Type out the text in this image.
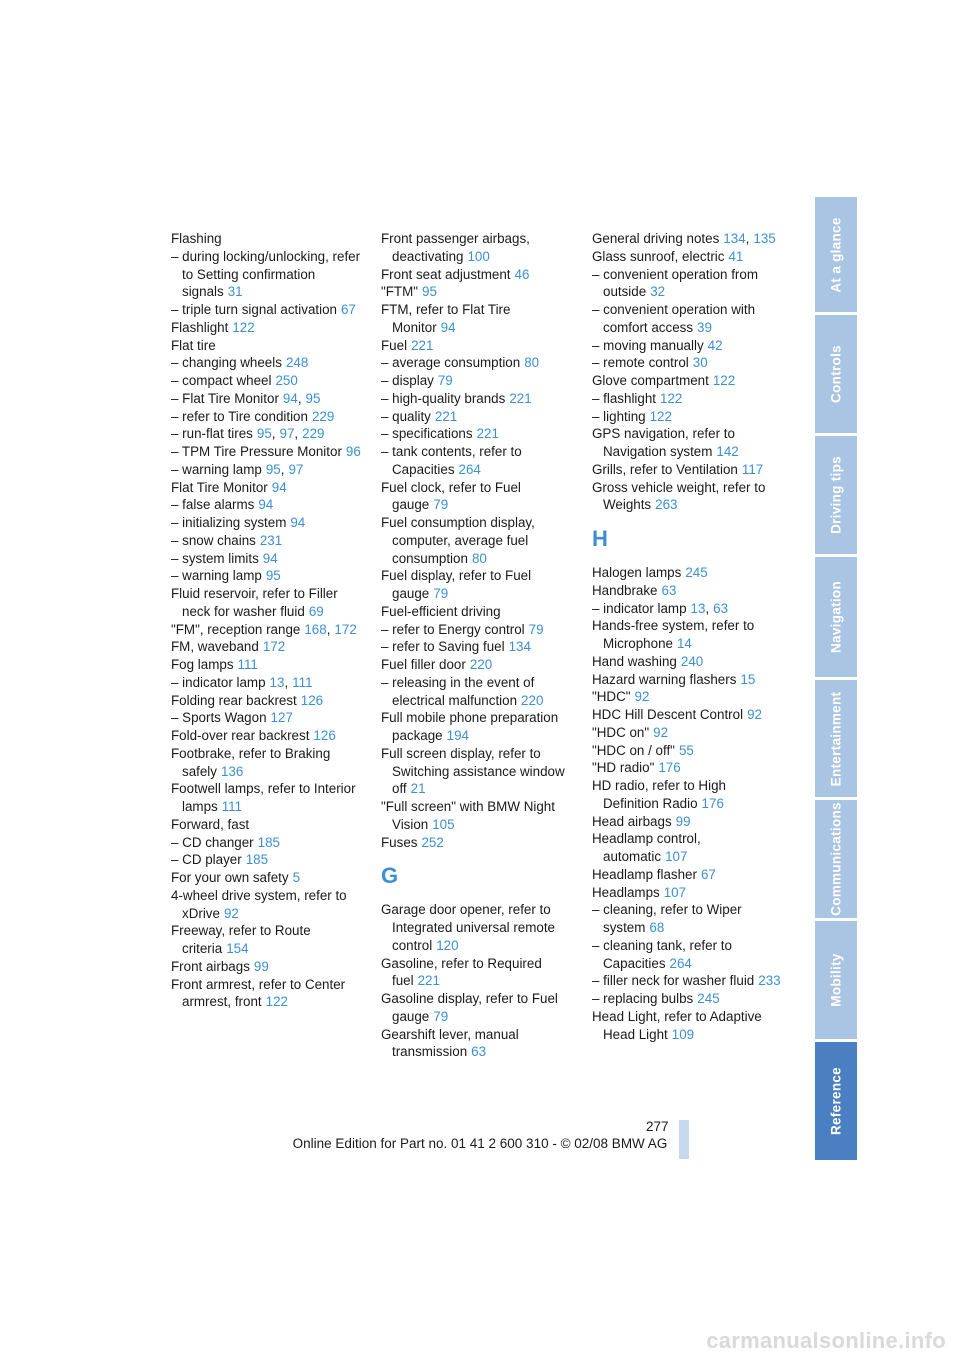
Flashing
– during locking/unlocking, refer to Setting confirmation signals 31
– triple turn signal activation 67
Flashlight 122
Flat tire
– changing wheels 248
– compact wheel 250
– Flat Tire Monitor 94, 95
– refer to Tire condition 229
– run-flat tires 95, 97, 229
– TPM Tire Pressure Monitor 96
– warning lamp 95, 97
Flat Tire Monitor 94
– false alarms 94
– initializing system 94
– snow chains 231
– system limits 94
– warning lamp 95
Fluid reservoir, refer to Filler neck for washer fluid 69
"FM", reception range 168, 172
FM, waveband 172
Fog lamps 111
– indicator lamp 13, 111
Folding rear backrest 126
– Sports Wagon 127
Fold-over rear backrest 126
Footbrake, refer to Braking safely 136
Footwell lamps, refer to Interior lamps 111
Forward, fast
– CD changer 185
– CD player 185
For your own safety 5
4-wheel drive system, refer to xDrive 92
Freeway, refer to Route criteria 154
Front airbags 99
Front armrest, refer to Center armrest, front 122
Front passenger airbags, deactivating 100
Front seat adjustment 46
"FTM" 95
FTM, refer to Flat Tire Monitor 94
Fuel 221
– average consumption 80
– display 79
– high-quality brands 221
– quality 221
– specifications 221
– tank contents, refer to Capacities 264
Fuel clock, refer to Fuel gauge 79
Fuel consumption display, computer, average fuel consumption 80
Fuel display, refer to Fuel gauge 79
Fuel-efficient driving
– refer to Energy control 79
– refer to Saving fuel 134
Fuel filler door 220
– releasing in the event of electrical malfunction 220
Full mobile phone preparation package 194
Full screen display, refer to Switching assistance window off 21
"Full screen" with BMW Night Vision 105
Fuses 252
G
Garage door opener, refer to Integrated universal remote control 120
Gasoline, refer to Required fuel 221
Gasoline display, refer to Fuel gauge 79
Gearshift lever, manual transmission 63
General driving notes 134, 135
Glass sunroof, electric 41
– convenient operation from outside 32
– convenient operation with comfort access 39
– moving manually 42
– remote control 30
Glove compartment 122
– flashlight 122
– lighting 122
GPS navigation, refer to Navigation system 142
Grills, refer to Ventilation 117
Gross vehicle weight, refer to Weights 263
H
Halogen lamps 245
Handbrake 63
– indicator lamp 13, 63
Hands-free system, refer to Microphone 14
Hand washing 240
Hazard warning flashers 15
"HDC" 92
HDC Hill Descent Control 92
"HDC on" 92
"HDC on / off" 55
"HD radio" 176
HD radio, refer to High Definition Radio 176
Head airbags 99
Headlamp control, automatic 107
Headlamp flasher 67
Headlamps 107
– cleaning, refer to Wiper system 68
– cleaning tank, refer to Capacities 264
– filler neck for washer fluid 233
– replacing bulbs 245
Head Light, refer to Adaptive Head Light 109
At a glance
Controls
Driving tips
Navigation
Entertainment
Communications
Mobility
Reference
277
Online Edition for Part no. 01 41 2 600 310 - © 02/08 BMW AG
carmanualsonline.info
